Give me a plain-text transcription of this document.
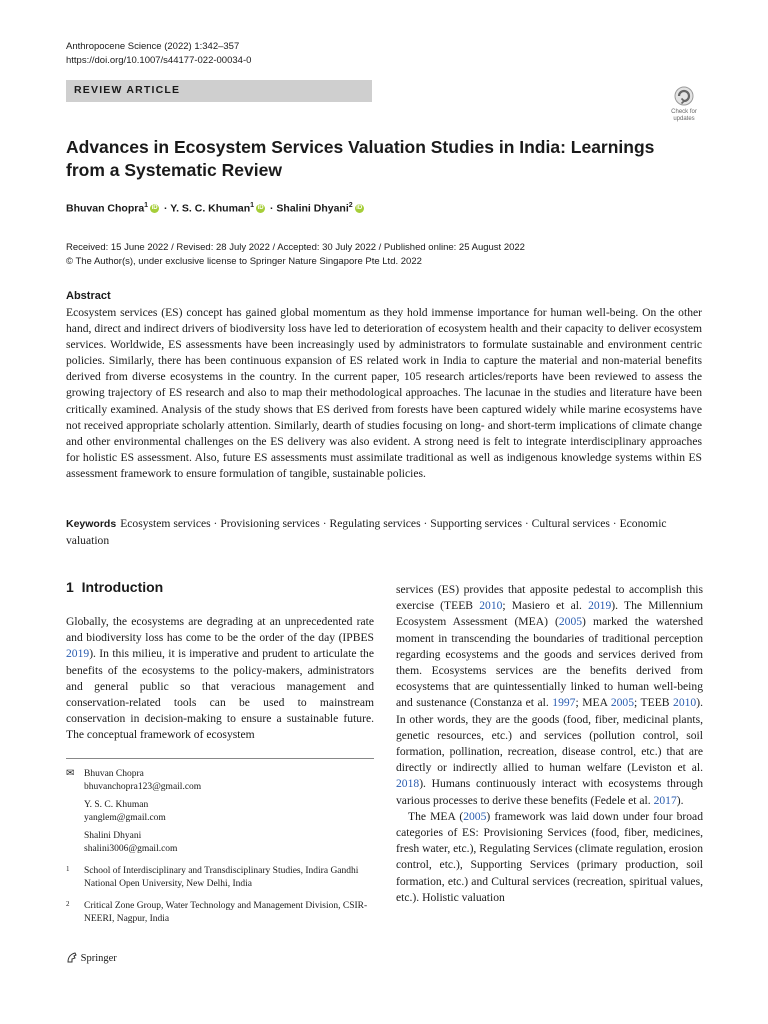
Anthropocene Science (2022) 1:342–357
https://doi.org/10.1007/s44177-022-00034-0
REVIEW ARTICLE
Check for
updates
Advances in Ecosystem Services Valuation Studies in India: Learnings from a Systematic Review
Bhuvan Chopra$^1$ iD · Y. S. C. Khuman$^1$ iD · Shalini Dhyani$^2$ iD
Received: 15 June 2022 / Revised: 28 July 2022 / Accepted: 30 July 2022 / Published online: 25 August 2022
© The Author(s), under exclusive license to Springer Nature Singapore Pte Ltd. 2022
Abstract
Ecosystem services (ES) concept has gained global momentum as they hold immense importance for human well-being. On the other hand, direct and indirect drivers of biodiversity loss have led to deterioration of ecosystem health and their capacity to deliver ecosystem services. Worldwide, ES assessments have been increasingly used by administrators to formulate sustainable and environment centric policies. Similarly, there has been continuous expansion of ES related work in India to capture the material and non-material benefits derived from diverse ecosystems in the country. In the current paper, 105 research articles/reports have been reviewed to assess the growing trajectory of ES research and also to map their methodological approaches. The lacunae in the studies and literature have been critically examined. Analysis of the study shows that ES derived from forests have been captured widely while marine ecosystems have not received appropriate scholarly attention. Similarly, dearth of studies focusing on long- and short-term implications of climate change and other environmental challenges on the ES delivery was also evident. A strong need is felt to integrate interdisciplinary approaches for holistic ES assessment. Also, future ES assessments must assimilate traditional as well as indigenous knowledge systems within ES assessment framework to ensure formulation of tangible, sustainable policies.
Keywords Ecosystem services · Provisioning services · Regulating services · Supporting services · Cultural services · Economic valuation
1 Introduction

Globally, the ecosystems are degrading at an unprecedented rate and biodiversity loss has come to be the order of the day (IPBES 2019). In this milieu, it is imperative and prudent to articulate the benefits of the ecosystems to the policy-makers, administrators and general public so that veracious management and conservation-related tools can be used to mainstream conservation in decision-making to ensure a sustainable future. The conceptual framework of ecosystem

✉ Bhuvan Chopra
bhuvanchopra123@gmail.com
Y. S. C. Khuman
yanglem@gmail.com
Shalini Dhyani
shalini3006@gmail.com
1 School of Interdisciplinary and Transdisciplinary Studies, Indira Gandhi National Open University, New Delhi, India
2 Critical Zone Group, Water Technology and Management Division, CSIR-NEERI, Nagpur, India

services (ES) provides that apposite pedestal to accomplish this exercise (TEEB 2010; Masiero et al. 2019). The Millennium Ecosystem Assessment (MEA) (2005) marked the watershed moment in transcending the boundaries of traditional perception regarding ecosystems and the goods and services derived from them. Ecosystems services are the benefits derived from ecosystems that are quintessentially linked to human well-being and sustenance (Constanza et al. 1997; MEA 2005; TEEB 2010). In other words, they are the goods (food, fiber, medicinal plants, genetic resources, etc.) and services (pollution control, soil formation, pollination, recreation, disease control, etc.) that are directly or indirectly allied to human welfare (Leviston et al. 2018). Humans continuously interact with ecosystems through various processes to derive these benefits (Fedele et al. 2017).

The MEA (2005) framework was laid down under four broad categories of ES: Provisioning Services (food, fiber, medicines, fresh water, etc.), Regulating Services (climate regulation, erosion control, etc.), Supporting Services (primary production, soil formation, etc.) and Cultural services (recreation, spiritual values, etc.). Holistic valuation

Springer
